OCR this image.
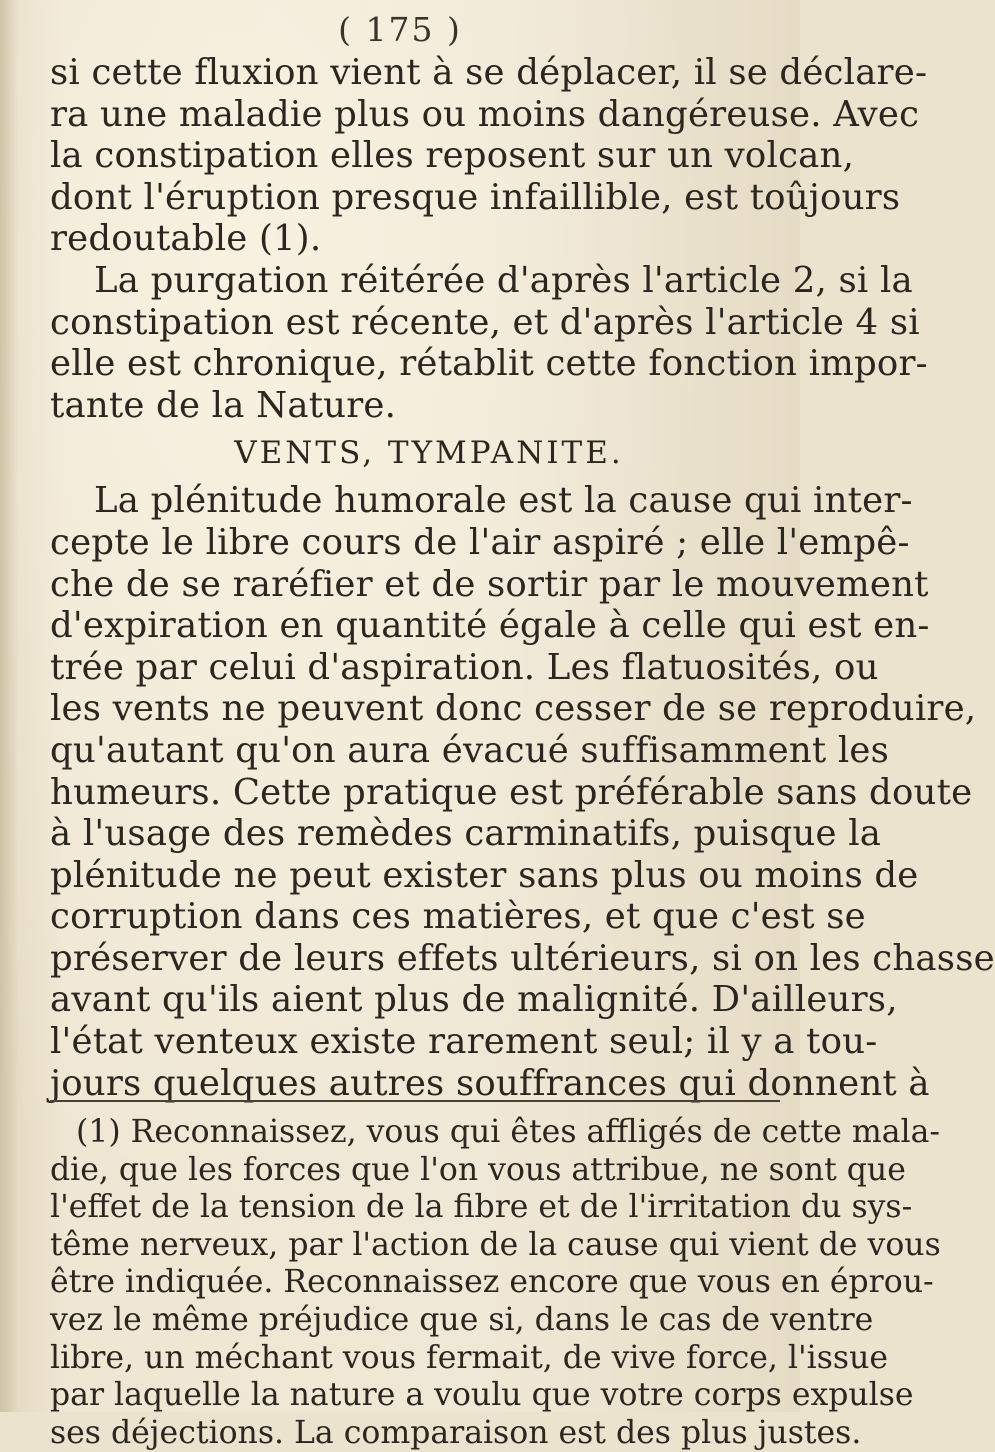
( 175 )
si cette fluxion vient à se déplacer, il se déclare-
ra une maladie plus ou moins dangéreuse. Avec
la constipation elles reposent sur un volcan,
dont l'éruption presque infaillible, est toûjours
redoutable (1).
La purgation réitérée d'après l'article 2, si la
constipation est récente, et d'après l'article 4 si
elle est chronique, rétablit cette fonction impor-
tante de la Nature.
VENTS, TYMPANITE.
La plénitude humorale est la cause qui inter-
cepte le libre cours de l'air aspiré ; elle l'empê-
che de se raréfier et de sortir par le mouvement
d'expiration en quantité égale à celle qui est en-
trée par celui d'aspiration. Les flatuosités, ou
les vents ne peuvent donc cesser de se reproduire,
qu'autant qu'on aura évacué suffisamment les
humeurs. Cette pratique est préférable sans doute
à l'usage des remèdes carminatifs, puisque la
plénitude ne peut exister sans plus ou moins de
corruption dans ces matières, et que c'est se
préserver de leurs effets ultérieurs, si on les chasse
avant qu'ils aient plus de malignité. D'ailleurs,
l'état venteux existe rarement seul; il y a tou-
jours quelques autres souffrances qui donnent à
(1) Reconnaissez, vous qui êtes affligés de cette mala-
die, que les forces que l'on vous attribue, ne sont que
l'effet de la tension de la fibre et de l'irritation du sys-
tême nerveux, par l'action de la cause qui vient de vous
être indiquée. Reconnaissez encore que vous en éprou-
vez le même préjudice que si, dans le cas de ventre
libre, un méchant vous fermait, de vive force, l'issue
par laquelle la nature a voulu que votre corps expulse
ses déjections. La comparaison est des plus justes.
